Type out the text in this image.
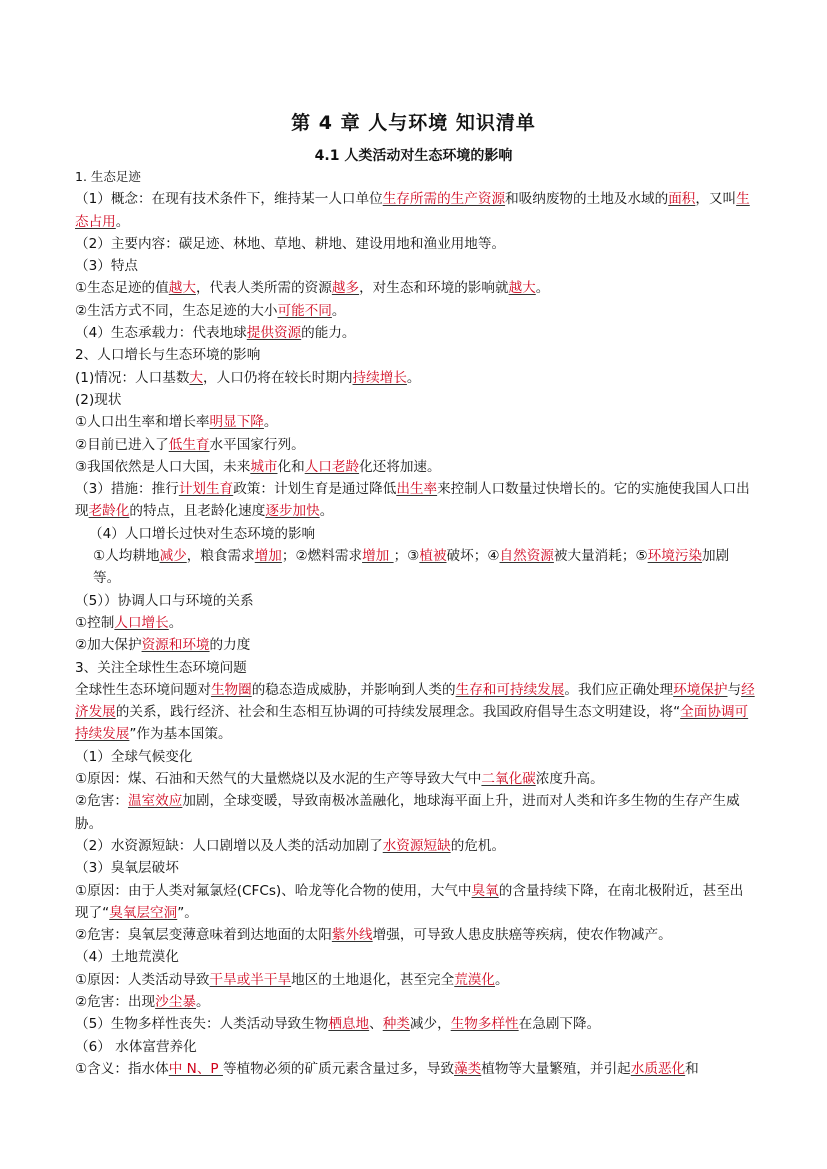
第 4 章 人与环境 知识清单
4.1 人类活动对生态环境的影响
1. 生态足迹
（1）概念：在现有技术条件下，维持某一人口单位生存所需的生产资源和吸纳废物的土地及水域的面积，又叫生态占用。
（2）主要内容：碳足迹、林地、草地、耕地、建设用地和渔业用地等。
（3）特点
①生态足迹的值越大，代表人类所需的资源越多，对生态和环境的影响就越大。
②生活方式不同，生态足迹的大小可能不同。
（4）生态承载力：代表地球提供资源的能力。
2、人口增长与生态环境的影响
(1)情况：人口基数大，人口仍将在较长时期内持续增长。
(2)现状
①人口出生率和增长率明显下降。
②目前已进入了低生育水平国家行列。
③我国依然是人口大国，未来城市化和人口老龄化还将加速。
（3）措施：推行计划生育政策：计划生育是通过降低出生率来控制人口数量过快增长的。它的实施使我国人口出现老龄化的特点，且老龄化速度逐步加快。
（4）人口增长过快对生态环境的影响
①人均耕地减少，粮食需求增加；②燃料需求增加 ；③植被破坏；④自然资源被大量消耗；⑤环境污染加剧等。
（5））协调人口与环境的关系
①控制人口增长。
②加大保护资源和环境的力度
3、关注全球性生态环境问题
全球性生态环境问题对生物圈的稳态造成威胁，并影响到人类的生存和可持续发展。我们应正确处理环境保护与经济发展的关系，践行经济、社会和生态相互协调的可持续发展理念。我国政府倡导生态文明建设，将“全面协调可持续发展”作为基本国策。
（1）全球气候变化
①原因：煤、石油和天然气的大量燃烧以及水泥的生产等导致大气中二氧化碳浓度升高。
②危害：温室效应加剧，全球变暖，导致南极冰盖融化，地球海平面上升，进而对人类和许多生物的生存产生威胁。
（2）水资源短缺：人口剧增以及人类的活动加剧了水资源短缺的危机。
（3）臭氧层破坏
①原因：由于人类对氟氯烃(CFCs)、哈龙等化合物的使用，大气中臭氧的含量持续下降，在南北极附近，甚至出现了“臭氧层空洞”。
②危害：臭氧层变薄意味着到达地面的太阳紫外线增强，可导致人患皮肤癌等疾病，使农作物减产。
（4）土地荒漠化
①原因：人类活动导致干旱或半干旱地区的土地退化，甚至完全荒漠化。
②危害：出现沙尘暴。
（5）生物多样性丧失：人类活动导致生物栖息地、种类减少，生物多样性在急剧下降。
（6） 水体富营养化
①含义：指水体中 N、P 等植物必须的矿质元素含量过多，导致藻类植物等大量繁殖，并引起水质恶化和
